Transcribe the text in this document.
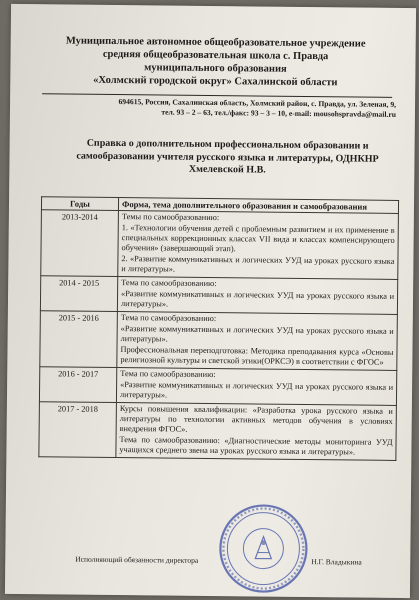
Муниципальное автономное общеобразовательное учреждение
средняя общеобразовательная школа с. Правда
муниципального образования
«Холмский городской округ» Сахалинской области
694615, Россия, Сахалинская область, Холмский район, с. Правда, ул. Зеленая, 9,
тел. 93 – 2 – 63, тел./факс: 93 – 3 – 10, e-mail: mousohspravda@mail.ru
Справка о дополнительном профессиональном образовании и
самообразовании учителя русского языка и литературы, ОДНКНР
Хмелевской Н.В.
Годы	Форма, тема дополнительного образования и самообразования
2013-2014	Темы по самообразованию:
1. «Технологии обучения детей с проблемным развитием и их применение в специальных коррекционных классах VII вида и классах компенсирующего обучения» (завершающий этап).
2. «Развитие коммуникативных и логических УУД на уроках русского языка и литературы».

2014 - 2015	Тема по самообразованию:
«Развитие коммуникативных и логических УУД на уроках русского языка и литературы».

2015 - 2016	Тема по самообразованию:
«Развитие коммуникативных и логических УУД на уроках русского языка и литературы».
Профессиональная переподготовка: Методика преподавания курса «Основы религиозной культуры и светской этики(ОРКСЭ) в соответствии с ФГОС»

2016 - 2017	Тема по самообразованию:
«Развитие коммуникативных и логических УУД на уроках русского языка и литературы».

2017 - 2018	Курсы повышения квалификации: «Разработка урока русского языка и литературы по технологии активных методов обучения в условиях внедрения ФГОС».
Тема по самообразованию: «Диагностические методы мониторинга УУД учащихся среднего звена на уроках русского языка и литературы».
Исполняющий обязанности директора	Н.Г. Владыкина
